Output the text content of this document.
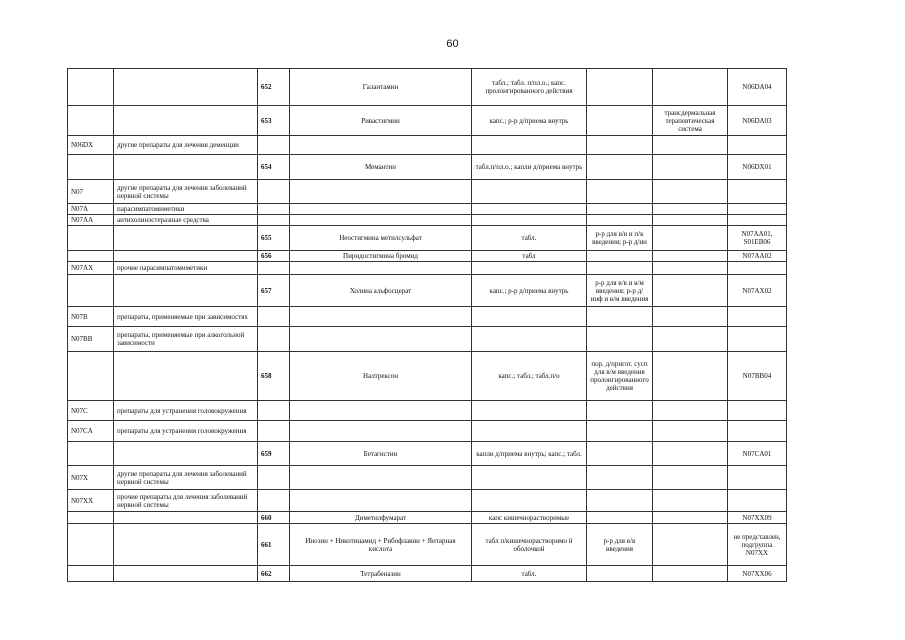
60
		652	Галантамин	табл.; табл. п/пл.о.; капс. пролонгированного действия			N06DA04
		653	Ривастигмин	капс.; р-р д/приема внутрь		трансдермальная терапевтическая система	N06DA03
N06DX	другие препараты для лечения деменции						
		654	Мемантин	табл.п/пл.о.; капли д/приема внутрь			N06DX01
N07	другие препараты для лечения заболеваний нервной системы						
N07A	парасимпатомиметики						
N07AA	антихолинэстеразные средства						
		655	Неостигмина метилсульфат	табл.	р-р для в/в и п/к введения; р-р д/ин		N07AA01, S01EB06
		656	Пиридостигмина бромид	табл			N07AA02
N07AX	прочие парасимпатомиметики						
		657	Холина альфосцерат	капс.; р-р д/приема внутрь	р-р для в/в и в/м введения; р-р д/инф и в/м введения		N07AX02
N07B	препараты, применяемые при зависимостях						
N07BB	препараты, применяемые при алкогольной зависимости						
		658	Налтрексон	капс.; табл.; табл.п/о	пор. д/пригот. сусп для в/м введения пролонгированного действия		N07BB04
N07C	препараты для устранения головокружения						
N07CA	препараты для устранения головокружения						
		659	Бетагистин	капли д/приема внутрь; капс.; табл.			N07CA01
N07X	другие препараты для лечения заболеваний нервной системы						
N07XX	прочие препараты для лечения заболеваний нервной системы						
		660	Диметилфумарат	капс кишечнорастворимые			N07XX09
		661	Инозин + Никотинамид + Рибофлавин + Янтарная кислота	табл п/кишечнорастворимо й оболочкой	р-р для в/в введения		не представлен, подгруппа N07XX
		662	Тетрабеназин	табл.			N07XX06
